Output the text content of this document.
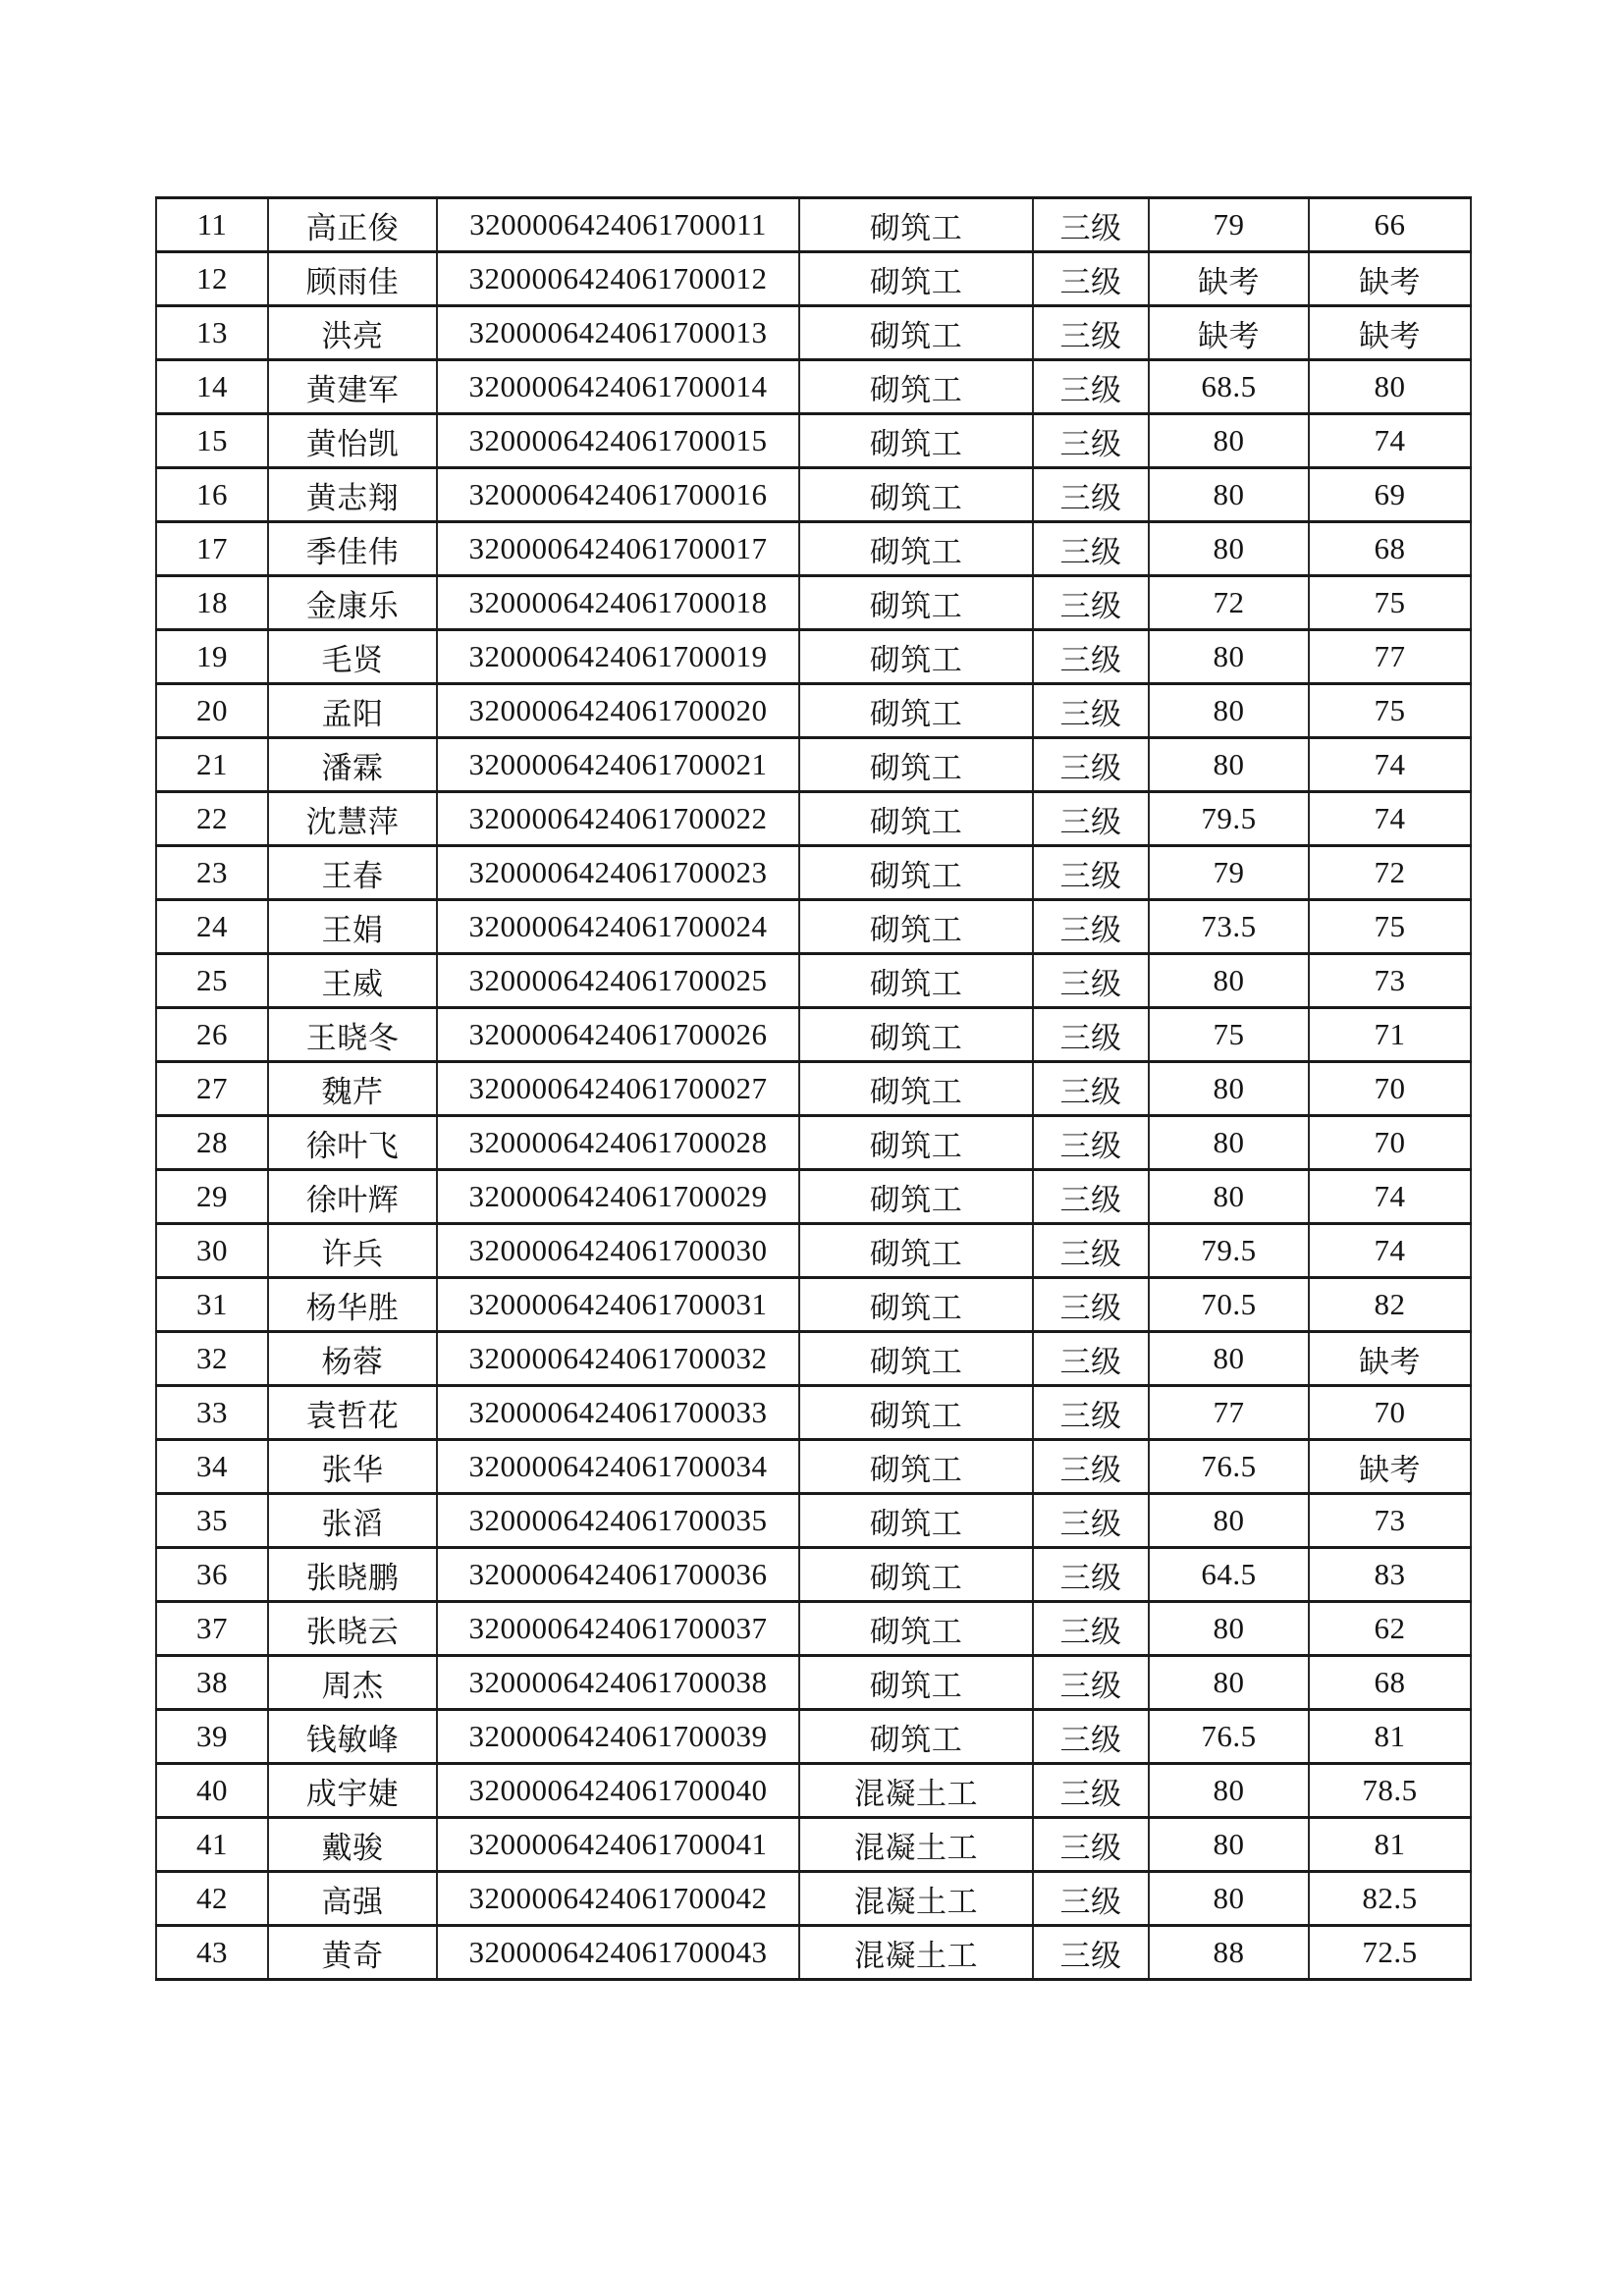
11	高正俊	3200006424061700011	砌筑工	三级	79	66
12	顾雨佳	3200006424061700012	砌筑工	三级	缺考	缺考
13	洪亮	3200006424061700013	砌筑工	三级	缺考	缺考
14	黄建军	3200006424061700014	砌筑工	三级	68.5	80
15	黄怡凯	3200006424061700015	砌筑工	三级	80	74
16	黄志翔	3200006424061700016	砌筑工	三级	80	69
17	季佳伟	3200006424061700017	砌筑工	三级	80	68
18	金康乐	3200006424061700018	砌筑工	三级	72	75
19	毛贤	3200006424061700019	砌筑工	三级	80	77
20	孟阳	3200006424061700020	砌筑工	三级	80	75
21	潘霖	3200006424061700021	砌筑工	三级	80	74
22	沈慧萍	3200006424061700022	砌筑工	三级	79.5	74
23	王春	3200006424061700023	砌筑工	三级	79	72
24	王娟	3200006424061700024	砌筑工	三级	73.5	75
25	王威	3200006424061700025	砌筑工	三级	80	73
26	王晓冬	3200006424061700026	砌筑工	三级	75	71
27	魏芹	3200006424061700027	砌筑工	三级	80	70
28	徐叶飞	3200006424061700028	砌筑工	三级	80	70
29	徐叶辉	3200006424061700029	砌筑工	三级	80	74
30	许兵	3200006424061700030	砌筑工	三级	79.5	74
31	杨华胜	3200006424061700031	砌筑工	三级	70.5	82
32	杨蓉	3200006424061700032	砌筑工	三级	80	缺考
33	袁哲花	3200006424061700033	砌筑工	三级	77	70
34	张华	3200006424061700034	砌筑工	三级	76.5	缺考
35	张滔	3200006424061700035	砌筑工	三级	80	73
36	张晓鹏	3200006424061700036	砌筑工	三级	64.5	83
37	张晓云	3200006424061700037	砌筑工	三级	80	62
38	周杰	3200006424061700038	砌筑工	三级	80	68
39	钱敏峰	3200006424061700039	砌筑工	三级	76.5	81
40	成宇婕	3200006424061700040	混凝土工	三级	80	78.5
41	戴骏	3200006424061700041	混凝土工	三级	80	81
42	高强	3200006424061700042	混凝土工	三级	80	82.5
43	黄奇	3200006424061700043	混凝土工	三级	88	72.5
